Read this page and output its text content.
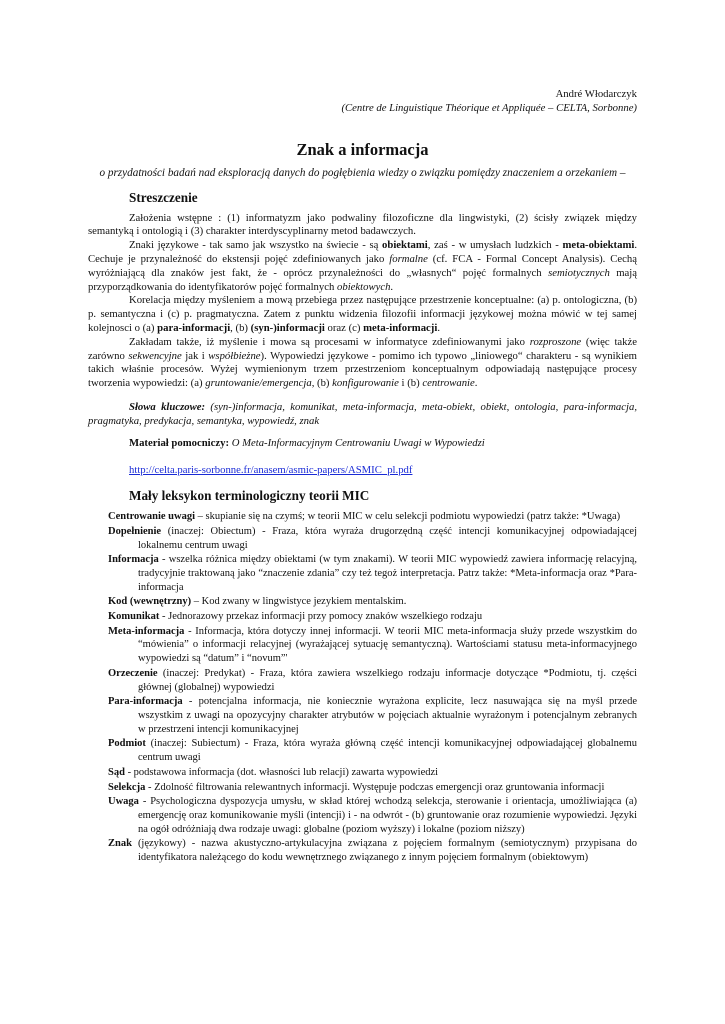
André Włodarczyk
(Centre de Linguistique Théorique et Appliquée – CELTA, Sorbonne)
Znak a informacja
o przydatności badań nad eksploracją danych do pogłębienia wiedzy o związku pomiędzy znaczeniem a orzekaniem –
Streszczenie

Założenia wstępne : (1) informatyzm jako podwaliny filozoficzne dla lingwistyki, (2) ścisły związek między semantyką i ontologią i (3) charakter interdyscyplinarny metod badawczych.

Znaki językowe - tak samo jak wszystko na świecie - są obiektami, zaś - w umysłach ludzkich - meta-obiektami. Cechuje je przynależność do ekstensji pojęć zdefiniowanych jako formalne (cf. FCA - Formal Concept Analysis). Cechą wyróżniającą dla znaków jest fakt, że - oprócz przynależności do „własnych“ pojęć formalnych semiotycznych mają przyporządkowania do identyfikatorów pojęć formalnych obiektowych.

Korelacja między myśleniem a mową przebiega przez następujące przestrzenie konceptualne: (a) p. ontologiczna, (b) p. semantyczna i (c) p. pragmatyczna. Zatem z punktu widzenia filozofii informacji językowej można mówić w tej samej kolejnosci o (a) para-informacji, (b) (syn-)informacji oraz (c) meta-informacji.

Zakładam także, iż myślenie i mowa są procesami w informatyce zdefiniowanymi jako rozproszone (więc także zarówno sekwencyjne jak i współbieżne). Wypowiedzi językowe - pomimo ich typowo „liniowego“ charakteru - są wynikiem takich właśnie procesów. Wyżej wymienionym trzem przestrzeniom konceptualnym odpowiadają następujące procesy tworzenia wypowiedzi: (a) gruntowanie/emergencja, (b) konfigurowanie i (b) centrowanie.

Słowa kluczowe: (syn-)informacja, komunikat, meta-informacja, meta-obiekt, obiekt, ontologia, para-informacja, pragmatyka, predykacja, semantyka, wypowiedź, znak

Materiał pomocniczy: O Meta-Informacyjnym Centrowaniu Uwagi w Wypowiedzi

http://celta.paris-sorbonne.fr/anasem/asmic-papers/ASMIC_pl.pdf

Mały leksykon terminologiczny teorii MIC
Centrowanie uwagi – skupianie się na czymś; w teorii MIC w celu selekcji podmiotu wypowiedzi (patrz także: *Uwaga)
Dopełnienie (inaczej: Obiectum) - Fraza, która wyraża drugorzędną część intencji komunikacyjnej odpowiadającej lokalnemu centrum uwagi
Informacja - wszelka różnica między obiektami (w tym znakami). W teorii MIC wypowiedź zawiera informację relacyjną, tradycyjnie traktowaną jako “znaczenie zdania” czy też tegoż interpretacja. Patrz także: *Meta-informacja oraz *Para-informacja
Kod (wewnętrzny) – Kod zwany w lingwistyce jezykiem mentalskim.
Komunikat - Jednorazowy przekaz informacji przy pomocy znaków wszelkiego rodzaju
Meta-informacja - Informacja, która dotyczy innej informacji. W teorii MIC meta-informacja służy przede wszystkim do “mówienia” o informacji relacyjnej (wyrażającej sytuację semantyczną). Wartościami statusu meta-informacyjnego wypowiedzi są “datum” i “novum”'
Orzeczenie (inaczej: Predykat) - Fraza, która zawiera wszelkiego rodzaju informacje dotyczące *Podmiotu, tj. części głównej (globalnej) wypowiedzi
Para-informacja - potencjalna informacja, nie koniecznie wyrażona explicite, lecz nasuwająca się na myśl przede wszystkim z uwagi na opozycyjny charakter atrybutów w pojęciach aktualnie wyrażonym i potencjalnym zebranych w przestrzeni intencji komunikacyjnej
Podmiot (inaczej: Subiectum) - Fraza, która wyraża główną część intencji komunikacyjnej odpowiadającej globalnemu centrum uwagi
Sąd - podstawowa informacja (dot. własności lub relacji) zawarta wypowiedzi
Selekcja - Zdolność filtrowania relewantnych informacji. Występuje podczas emergencji oraz gruntowania informacji
Uwaga - Psychologiczna dyspozycja umysłu, w skład której wchodzą selekcja, sterowanie i orientacja, umożliwiająca (a) emergencję oraz komunikowanie myśli (intencji) i - na odwrót - (b) gruntowanie oraz rozumienie wypowiedzi. Języki na ogół odróżniają dwa rodzaje uwagi: globalne (poziom wyższy) i lokalne (poziom niższy)
Znak (językowy) - nazwa akustyczno-artykulacyjna związana z pojęciem formalnym (semiotycznym) przypisana do identyfikatora należącego do kodu wewnętrznego związanego z innym pojęciem formalnym (obiektowym)
